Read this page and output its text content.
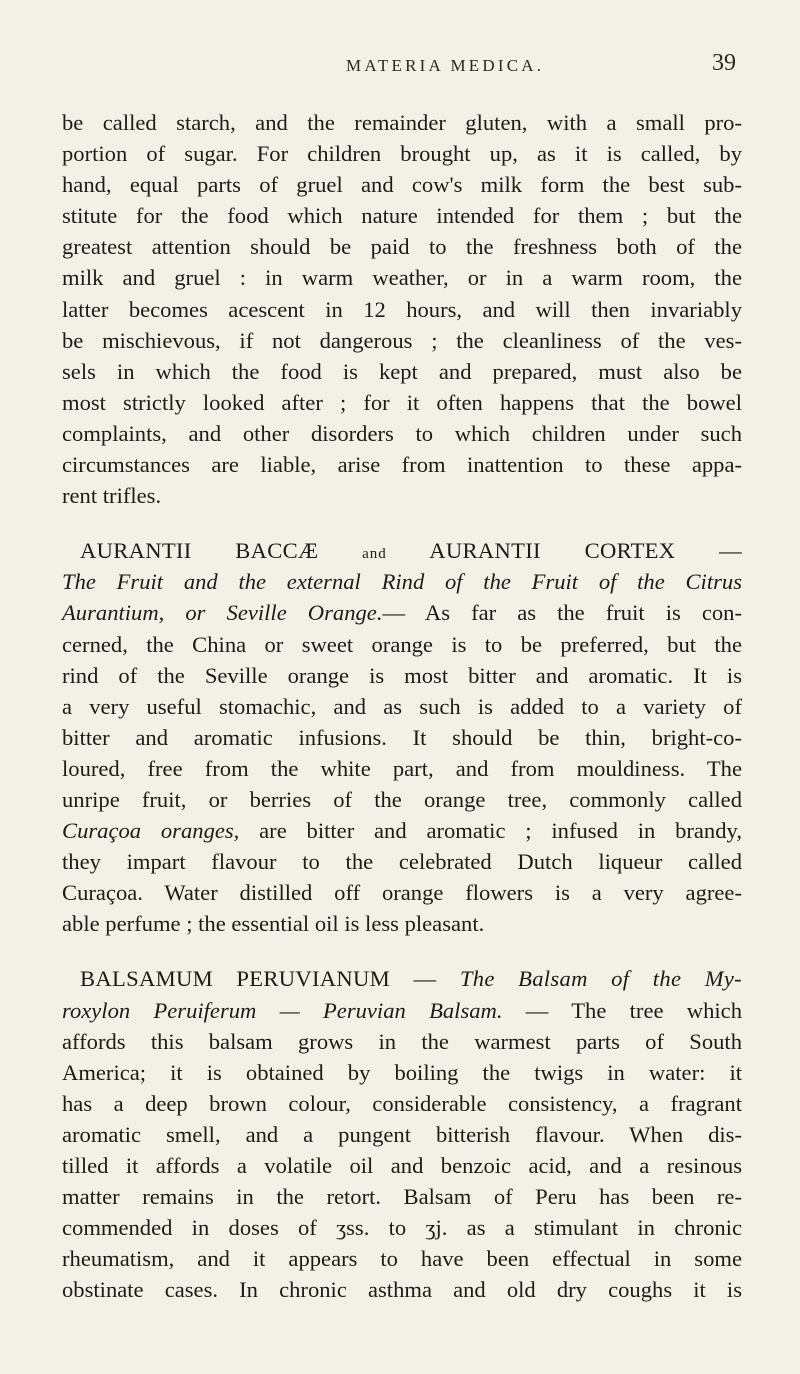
MATERIA MEDICA.	39
be called starch, and the remainder gluten, with a small pro-
portion of sugar. For children brought up, as it is called, by
hand, equal parts of gruel and cow's milk form the best sub-
stitute for the food which nature intended for them ; but the
greatest attention should be paid to the freshness both of the
milk and gruel : in warm weather, or in a warm room, the
latter becomes acescent in 12 hours, and will then invariably
be mischievous, if not dangerous ; the cleanliness of the ves-
sels in which the food is kept and prepared, must also be
most strictly looked after ; for it often happens that the bowel
complaints, and other disorders to which children under such
circumstances are liable, arise from inattention to these appa-
rent trifles.
AURANTII BACCÆ	and AURANTII CORTEX —
The Fruit and the external Rind of the Fruit of the Citrus
Aurantium, or Seville Orange.— As far as the fruit is con-
cerned, the China or sweet orange is to be preferred, but the
rind of the Seville orange is most bitter and aromatic. It is
a very useful stomachic, and as such is added to a variety of
bitter and aromatic infusions. It should be thin, bright-co-
loured, free from the white part, and from mouldiness. The
unripe fruit, or berries of the orange tree, commonly called
Curaçoa oranges, are bitter and aromatic ; infused in brandy,
they impart flavour to the celebrated Dutch liqueur called
Curaçoa. Water distilled off orange flowers is a very agree-
able perfume ; the essential oil is less pleasant.
BALSAMUM PERUVIANUM — The Balsam of the My-
roxylon Peruiferum — Peruvian Balsam. — The tree which
affords this balsam grows in the warmest parts of South
America; it is obtained by boiling the twigs in water: it
has a deep brown colour, considerable consistency, a fragrant
aromatic smell, and a pungent bitterish flavour. When dis-
tilled it affords a volatile oil and benzoic acid, and a resinous
matter remains in the retort. Balsam of Peru has been re-
commended in doses of ʒss. to ʒj. as a stimulant in chronic
rheumatism, and it appears to have been effectual in some
obstinate cases. In chronic asthma and old dry coughs it is
